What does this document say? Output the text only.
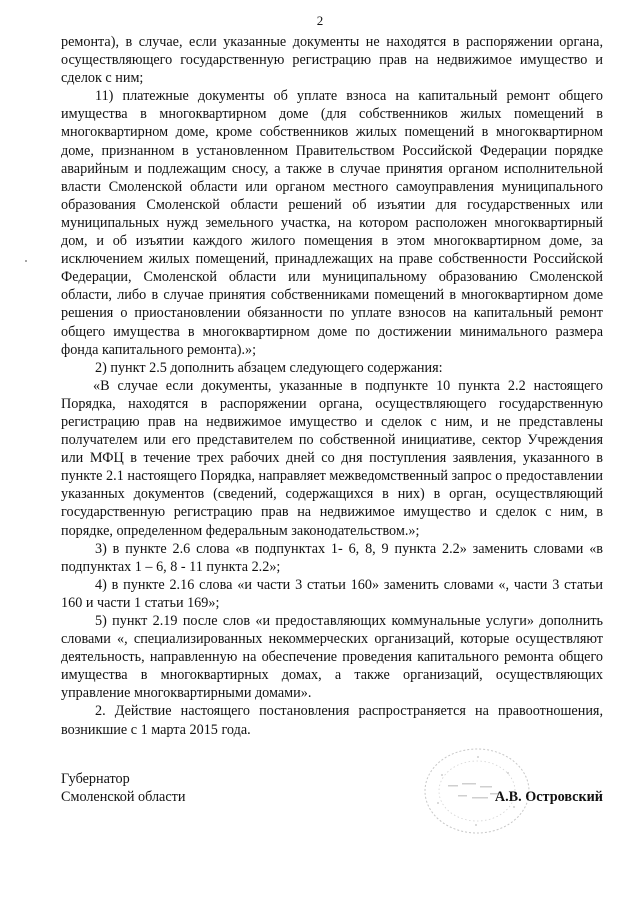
2

ремонта), в случае, если указанные документы не находятся в распоряжении органа, осуществляющего государственную регистрацию прав на недвижимое имущество и сделок с ним;

11) платежные документы об уплате взноса на капитальный ремонт общего имущества в многоквартирном доме (для собственников жилых помещений в многоквартирном доме, кроме собственников жилых помещений в многоквартирном доме, признанном в установленном Правительством Российской Федерации порядке аварийным и подлежащим сносу, а также в случае принятия органом исполнительной власти Смоленской области или органом местного самоуправления муниципального образования Смоленской области решений об изъятии для государственных или муниципальных нужд земельного участка, на котором расположен многоквартирный дом, и об изъятии каждого жилого помещения в этом многоквартирном доме, за исключением жилых помещений, принадлежащих на праве собственности Российской Федерации, Смоленской области или муниципальному образованию Смоленской области, либо в случае принятия собственниками помещений в многоквартирном доме решения о приостановлении обязанности по уплате взносов на капитальный ремонт общего имущества в многоквартирном доме по достижении минимального размера фонда капитального ремонта).»;

2) пункт 2.5 дополнить абзацем следующего содержания:

«В случае если документы, указанные в подпункте 10 пункта 2.2 настоящего Порядка, находятся в распоряжении органа, осуществляющего государственную регистрацию прав на недвижимое имущество и сделок с ним, и не представлены получателем или его представителем по собственной инициативе, сектор Учреждения или МФЦ в течение трех рабочих дней со дня поступления заявления, указанного в пункте 2.1 настоящего Порядка, направляет межведомственный запрос о предоставлении указанных документов (сведений, содержащихся в них) в орган, осуществляющий государственную регистрацию прав на недвижимое имущество и сделок с ним, в порядке, определенном федеральным законодательством.»;

3) в пункте 2.6 слова «в подпунктах 1- 6, 8, 9 пункта 2.2» заменить словами «в подпунктах 1 – 6, 8 - 11 пункта 2.2»;

4) в пункте 2.16 слова «и части 3 статьи 160» заменить словами «, части 3 статьи 160 и части 1 статьи 169»;

5) пункт 2.19 после слов «и предоставляющих коммунальные услуги» дополнить словами «, специализированных некоммерческих организаций, которые осуществляют деятельность, направленную на обеспечение проведения капитального ремонта общего имущества в многоквартирных домах, а также организаций, осуществляющих управление многоквартирными домами».

2. Действие настоящего постановления распространяется на правоотношения, возникшие с 1 марта 2015 года.

Губернатор
Смоленской области	А.В. Островский
